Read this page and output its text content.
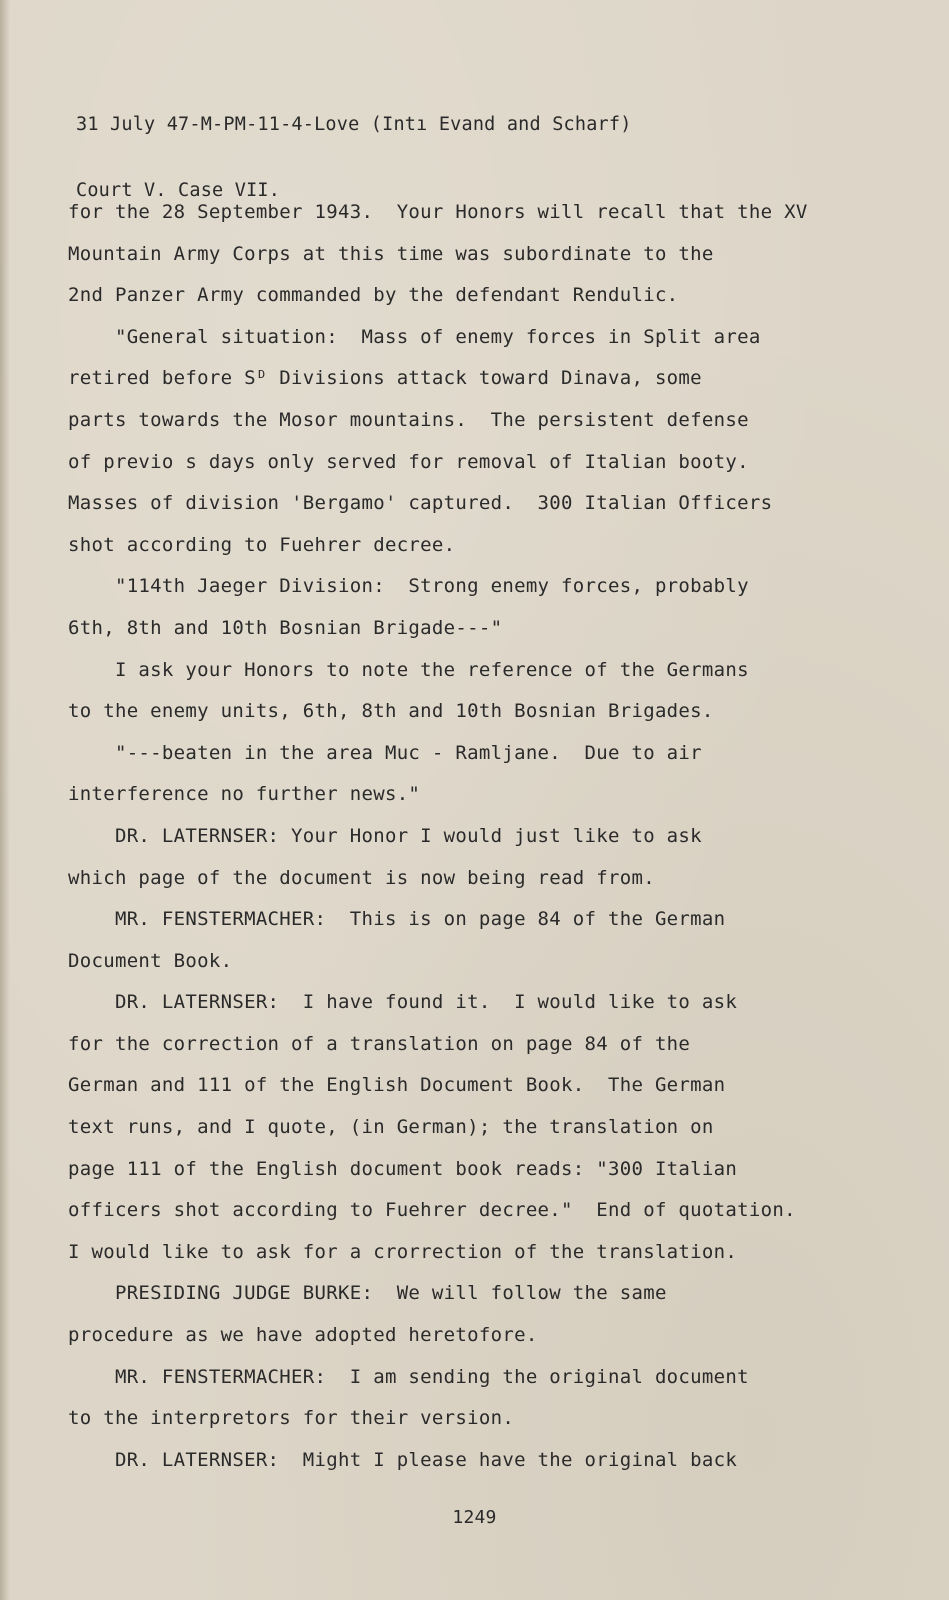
31 July 47-M-PM-11-4-Love (Intı Evand and Scharf)

Court V. Case VII.

for the 28 September 1943.  Your Honors will recall that the XV
Mountain Army Corps at this time was subordinate to the
2nd Panzer Army commanded by the defendant Rendulic.
"General situation:  Mass of enemy forces in Split area
retired before Sᴰ Divisions attack toward Dinava, some
parts towards the Mosor mountains.  The persistent defense
of previo s days only served for removal of Italian booty.
Masses of division 'Bergamo' captured.  300 Italian Officers
shot according to Fuehrer decree.
"114th Jaeger Division:  Strong enemy forces, probably
6th, 8th and 10th Bosnian Brigade---"
I ask your Honors to note the reference of the Germans
to the enemy units, 6th, 8th and 10th Bosnian Brigades.
"---beaten in the area Muc - Ramljane.  Due to air
interference no further news."
DR. LATERNSER: Your Honor I would just like to ask
which page of the document is now being read from.
MR. FENSTERMACHER:  This is on page 84 of the German
Document Book.
DR. LATERNSER:  I have found it.  I would like to ask
for the correction of a translation on page 84 of the
German and 111 of the English Document Book.  The German
text runs, and I quote, (in German); the translation on
page 111 of the English document book reads: "300 Italian
officers shot according to Fuehrer decree."  End of quotation.
I would like to ask for a crorrection of the translation.
PRESIDING JUDGE BURKE:  We will follow the same
procedure as we have adopted heretofore.
MR. FENSTERMACHER:  I am sending the original document
to the interpretors for their version.
DR. LATERNSER:  Might I please have the original back
1249
